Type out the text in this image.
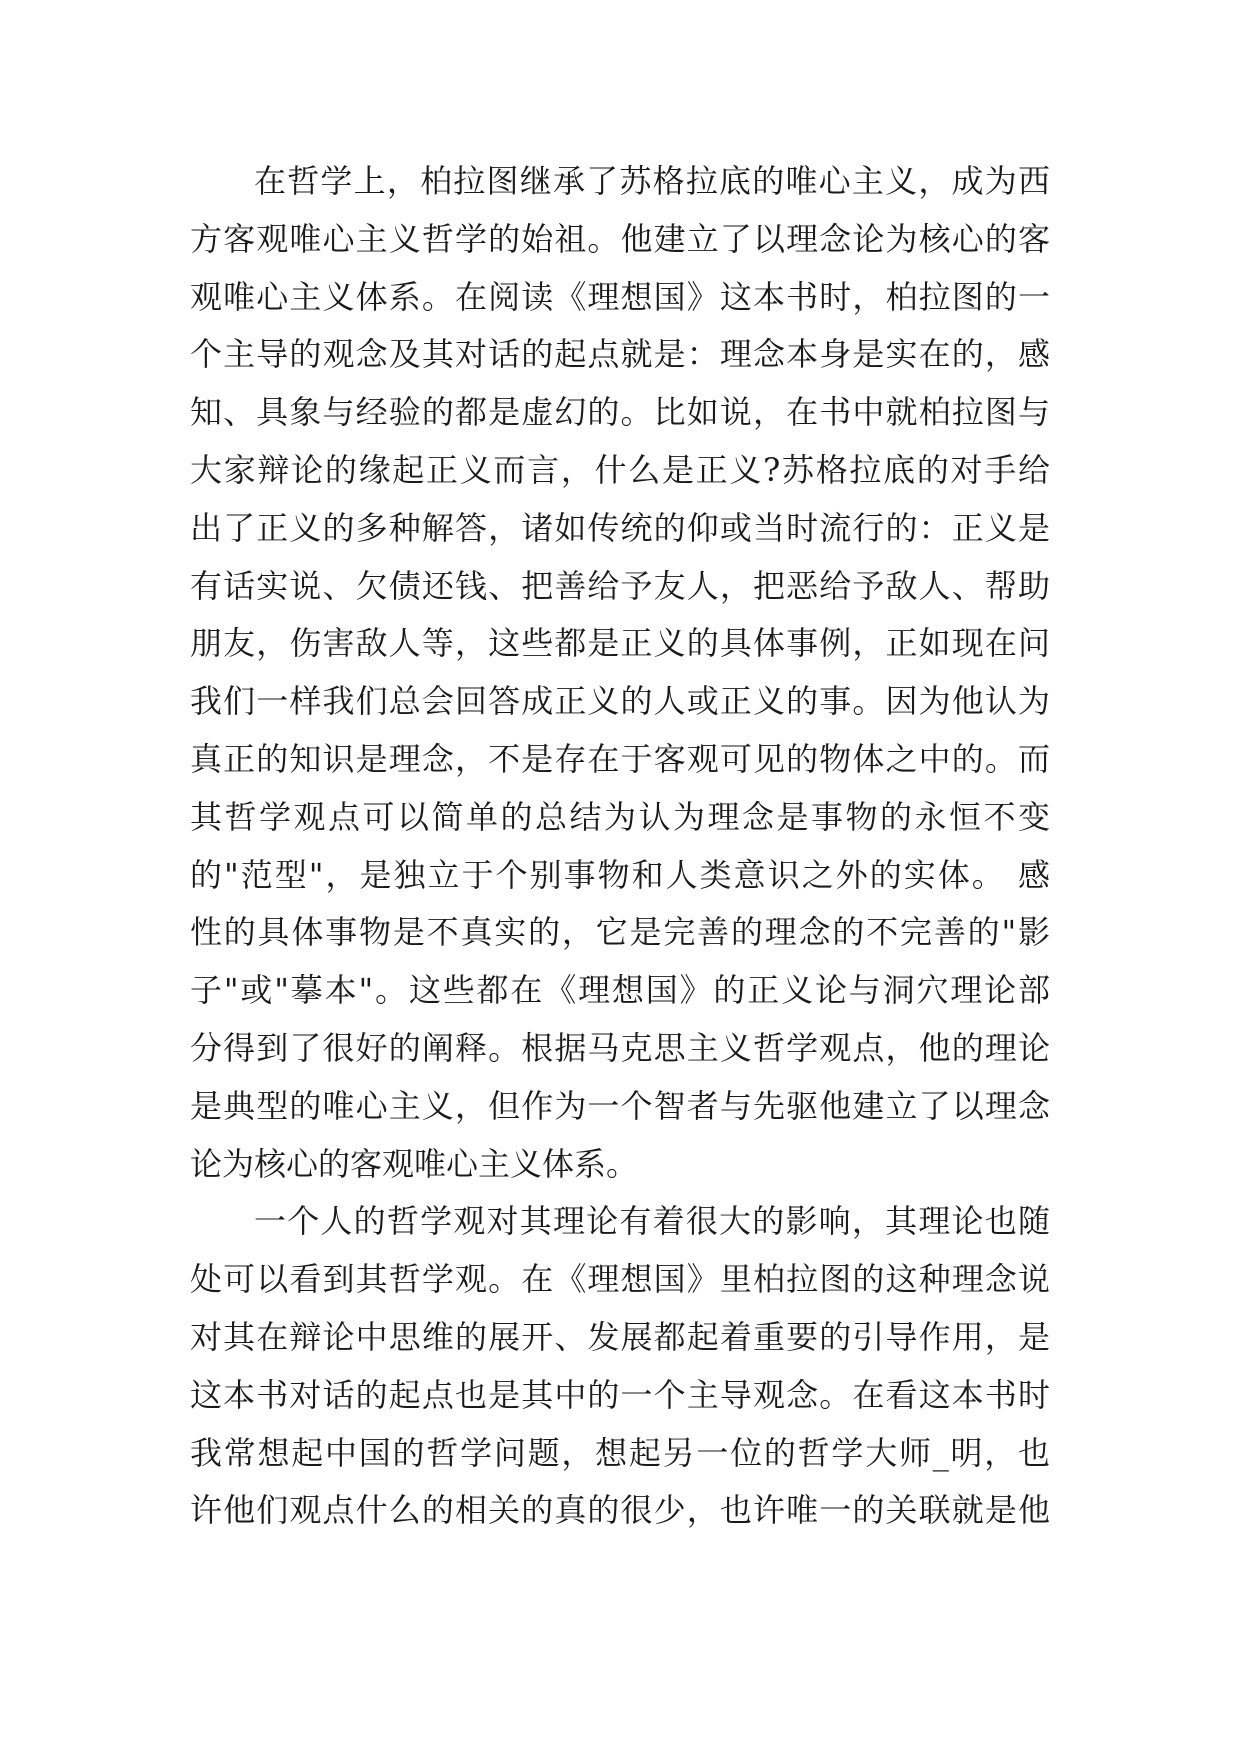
在哲学上，柏拉图继承了苏格拉底的唯心主义，成为西
方客观唯心主义哲学的始祖。他建立了以理念论为核心的客
观唯心主义体系。在阅读《理想国》这本书时，柏拉图的一
个主导的观念及其对话的起点就是：理念本身是实在的，感
知、具象与经验的都是虚幻的。比如说，在书中就柏拉图与
大家辩论的缘起正义而言，什么是正义?苏格拉底的对手给
出了正义的多种解答，诸如传统的仰或当时流行的：正义是
有话实说、欠债还钱、把善给予友人，把恶给予敌人、帮助
朋友，伤害敌人等，这些都是正义的具体事例，正如现在问
我们一样我们总会回答成正义的人或正义的事。因为他认为
真正的知识是理念，不是存在于客观可见的物体之中的。而
其哲学观点可以简单的总结为认为理念是事物的永恒不变
的"范型"，是独立于个别事物和人类意识之外的实体。 感
性的具体事物是不真实的，它是完善的理念的不完善的"影
子"或"摹本"。这些都在《理想国》的正义论与洞穴理论部
分得到了很好的阐释。根据马克思主义哲学观点，他的理论
是典型的唯心主义，但作为一个智者与先驱他建立了以理念
论为核心的客观唯心主义体系。
一个人的哲学观对其理论有着很大的影响，其理论也随
处可以看到其哲学观。在《理想国》里柏拉图的这种理念说
对其在辩论中思维的展开、发展都起着重要的引导作用，是
这本书对话的起点也是其中的一个主导观念。在看这本书时
我常想起中国的哲学问题，想起另一位的哲学大师_明，也
许他们观点什么的相关的真的很少，也许唯一的关联就是他
